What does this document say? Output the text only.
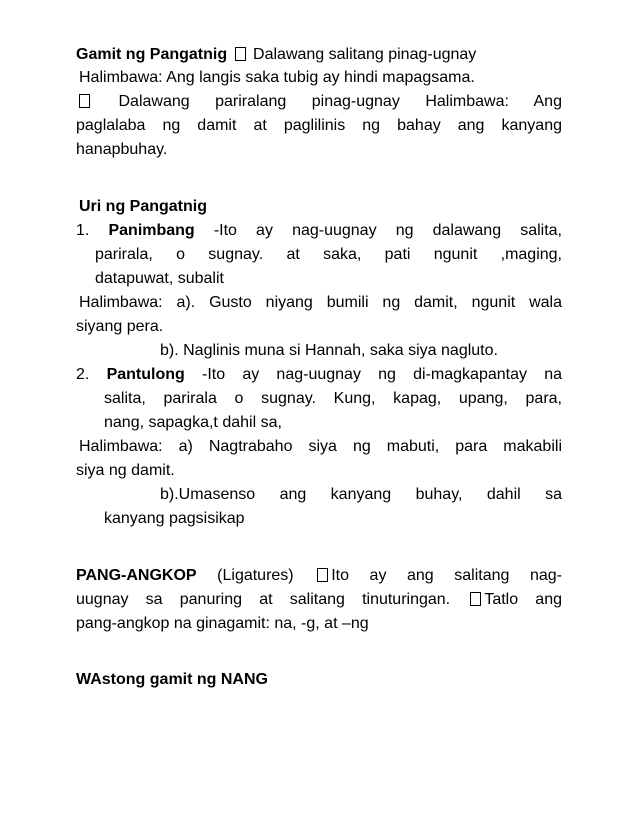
Gamit ng Pangatnig Dalawang salitang pinag-ugnay
Halimbawa: Ang langis saka tubig ay hindi mapagsama.
Dalawang pariralang pinag-ugnay Halimbawa: Ang
paglalaba ng damit at paglilinis ng bahay ang kanyang
hanapbuhay.
Uri ng Pangatnig
1. Panimbang -Ito ay nag-uugnay ng dalawang salita,
parirala, o sugnay. at saka, pati ngunit ,maging,
datapuwat, subalit
Halimbawa: a). Gusto niyang bumili ng damit, ngunit wala
siyang pera.
b). Naglinis muna si Hannah, saka siya nagluto.
2. Pantulong -Ito ay nag-uugnay ng di-magkapantay na
salita, parirala o sugnay. Kung, kapag, upang, para,
nang, sapagka,t dahil sa,
Halimbawa: a) Nagtrabaho siya ng mabuti, para makabili
siya ng damit.
b).Umasenso ang kanyang buhay, dahil sa
kanyang pagsisikap
PANG-ANGKOP (Ligatures) Ito ay ang salitang nag-
uugnay sa panuring at salitang tinuturingan. Tatlo ang
pang-angkop na ginagamit: na, -g, at –ng
WAstong gamit ng NANG
